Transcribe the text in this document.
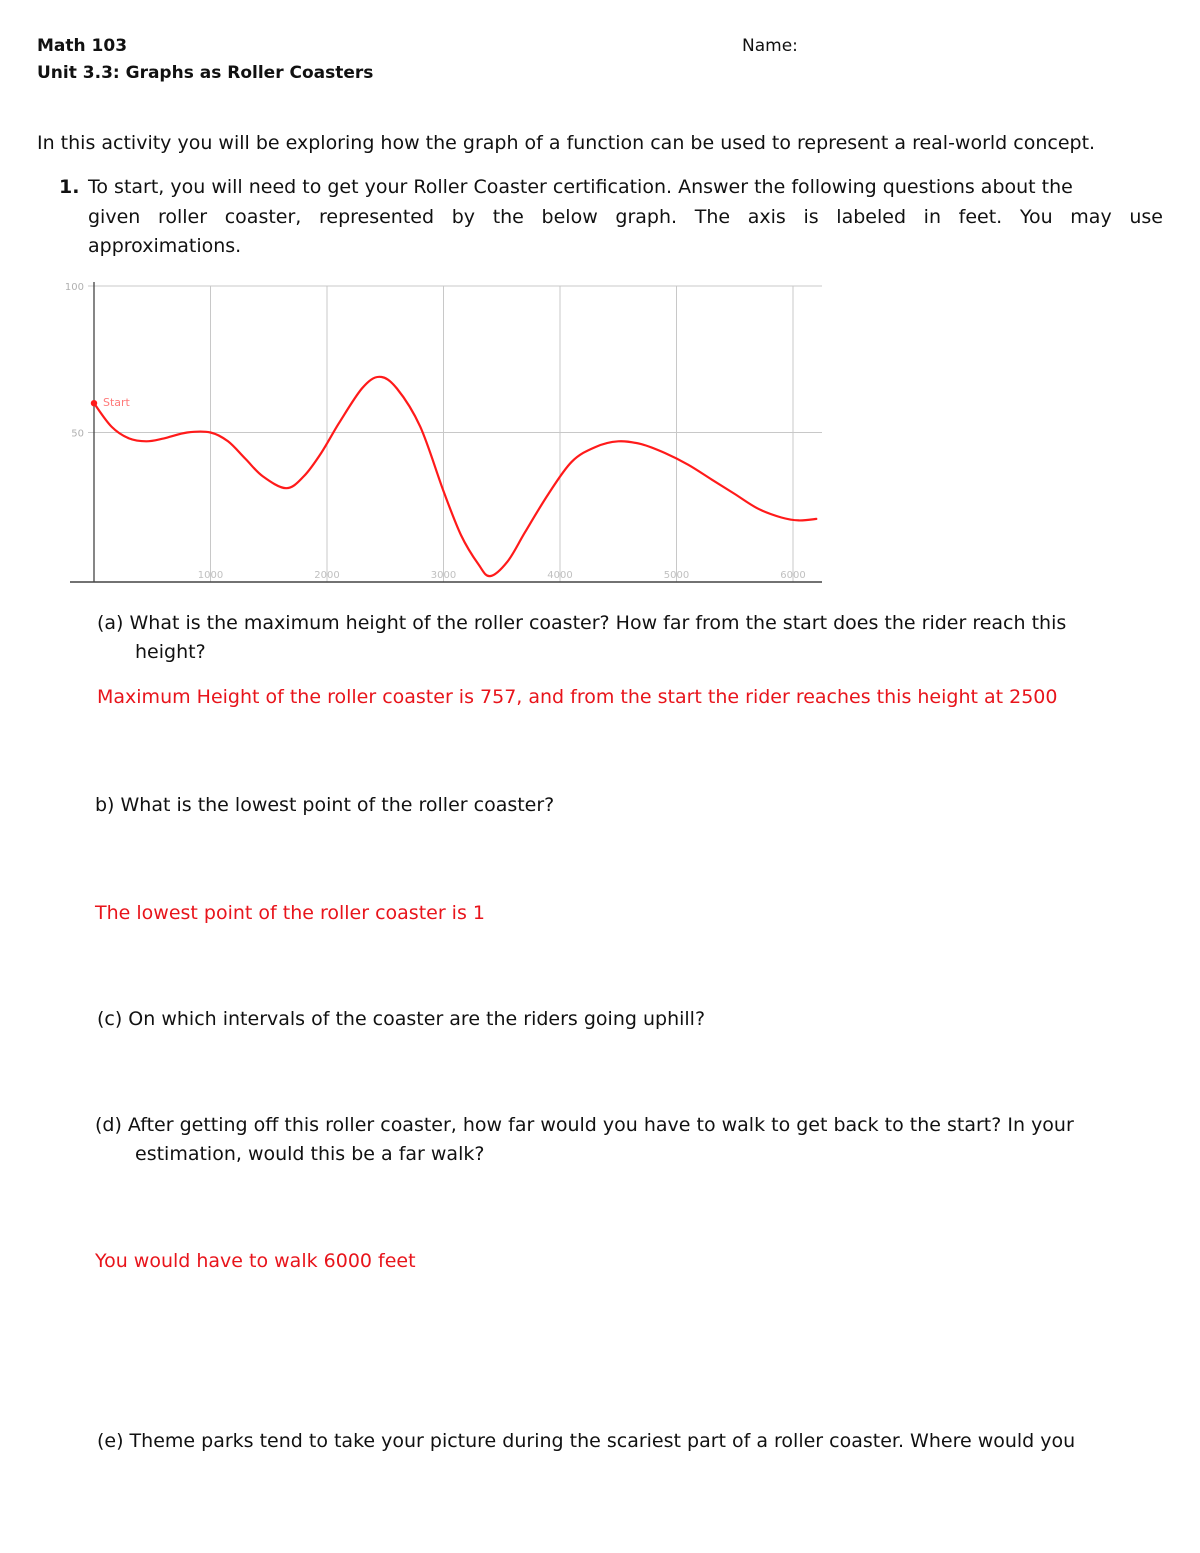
Math 103
Unit 3.3: Graphs as Roller Coasters
Name:
In this activity you will be exploring how the graph of a function can be used to represent a real-world concept.
1. To start, you will need to get your Roller Coaster certification. Answer the following questions about the
given roller coaster, represented by the below graph. The axis is labeled in feet. You may use
approximations.
100
50
1000	2000	3000	4000	5000	6000
Start
(a) What is the maximum height of the roller coaster? How far from the start does the rider reach this
height?
Maximum Height of the roller coaster is 757, and from the start the rider reaches this height at 2500
b) What is the lowest point of the roller coaster?
The lowest point of the roller coaster is 1
(c) On which intervals of the coaster are the riders going uphill?
(d) After getting off this roller coaster, how far would you have to walk to get back to the start? In your
estimation, would this be a far walk?
You would have to walk 6000 feet
(e) Theme parks tend to take your picture during the scariest part of a roller coaster. Where would you
